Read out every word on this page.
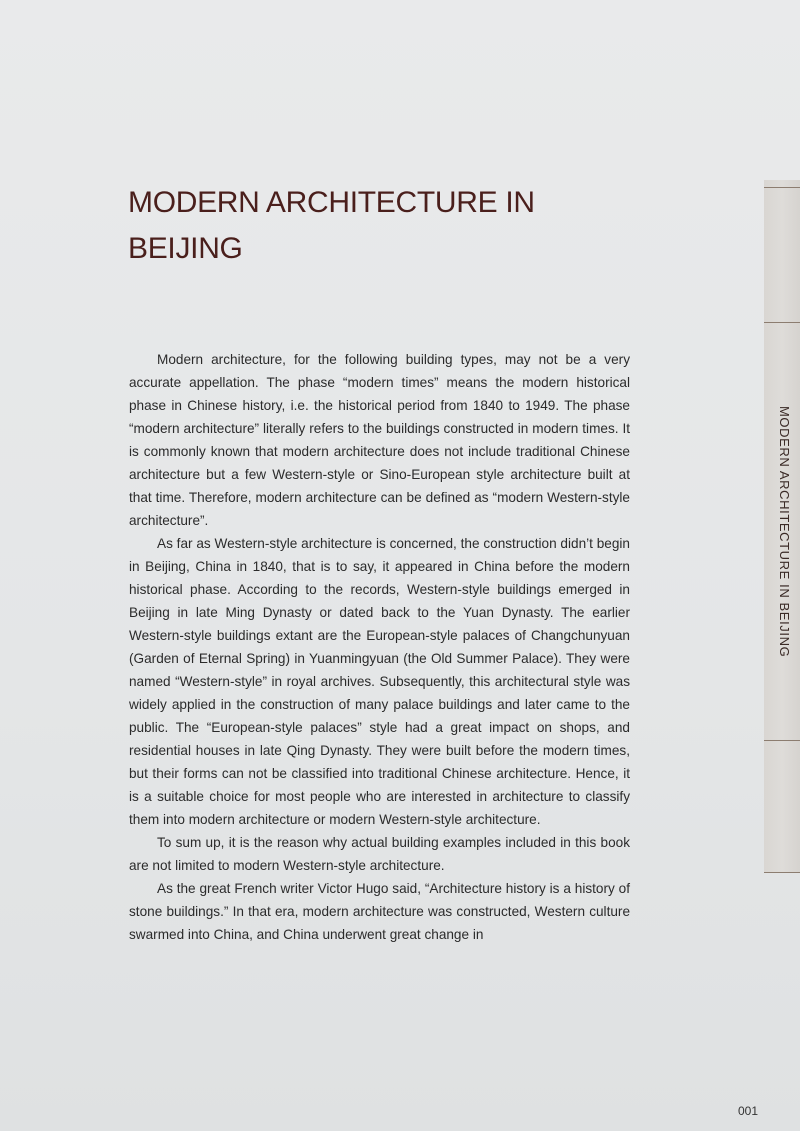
MODERN ARCHITECTURE IN
BEIJING

Modern architecture, for the following building types, may not be a very accurate appellation. The phase “modern times” means the modern historical phase in Chinese history, i.e. the historical period from 1840 to 1949. The phase “modern architecture” literally refers to the buildings constructed in modern times. It is commonly known that modern architecture does not include traditional Chinese architecture but a few Western-style or Sino-European style architecture built at that time. Therefore, modern architecture can be defined as “modern Western-style architecture”.

As far as Western-style architecture is concerned, the construction didn’t begin in Beijing, China in 1840, that is to say, it appeared in China before the modern historical phase. According to the records, Western-style buildings emerged in Beijing in late Ming Dynasty or dated back to the Yuan Dynasty. The earlier Western-style buildings extant are the European-style palaces of Changchunyuan (Garden of Eternal Spring) in Yuanmingyuan (the Old Summer Palace). They were named “Western-style” in royal archives. Subsequently, this architectural style was widely applied in the construction of many palace buildings and later came to the public. The “European-style palaces” style had a great impact on shops, and residential houses in late Qing Dynasty. They were built before the modern times, but their forms can not be classified into traditional Chinese architecture. Hence, it is a suitable choice for most people who are interested in architecture to classify them into modern architecture or modern Western-style architecture.

To sum up, it is the reason why actual building examples included in this book are not limited to modern Western-style architecture.

As the great French writer Victor Hugo said, “Architecture history is a history of stone buildings.” In that era, modern architecture was constructed, Western culture swarmed into China, and China underwent great change in

MODERN ARCHITECTURE IN BEIJING
001
